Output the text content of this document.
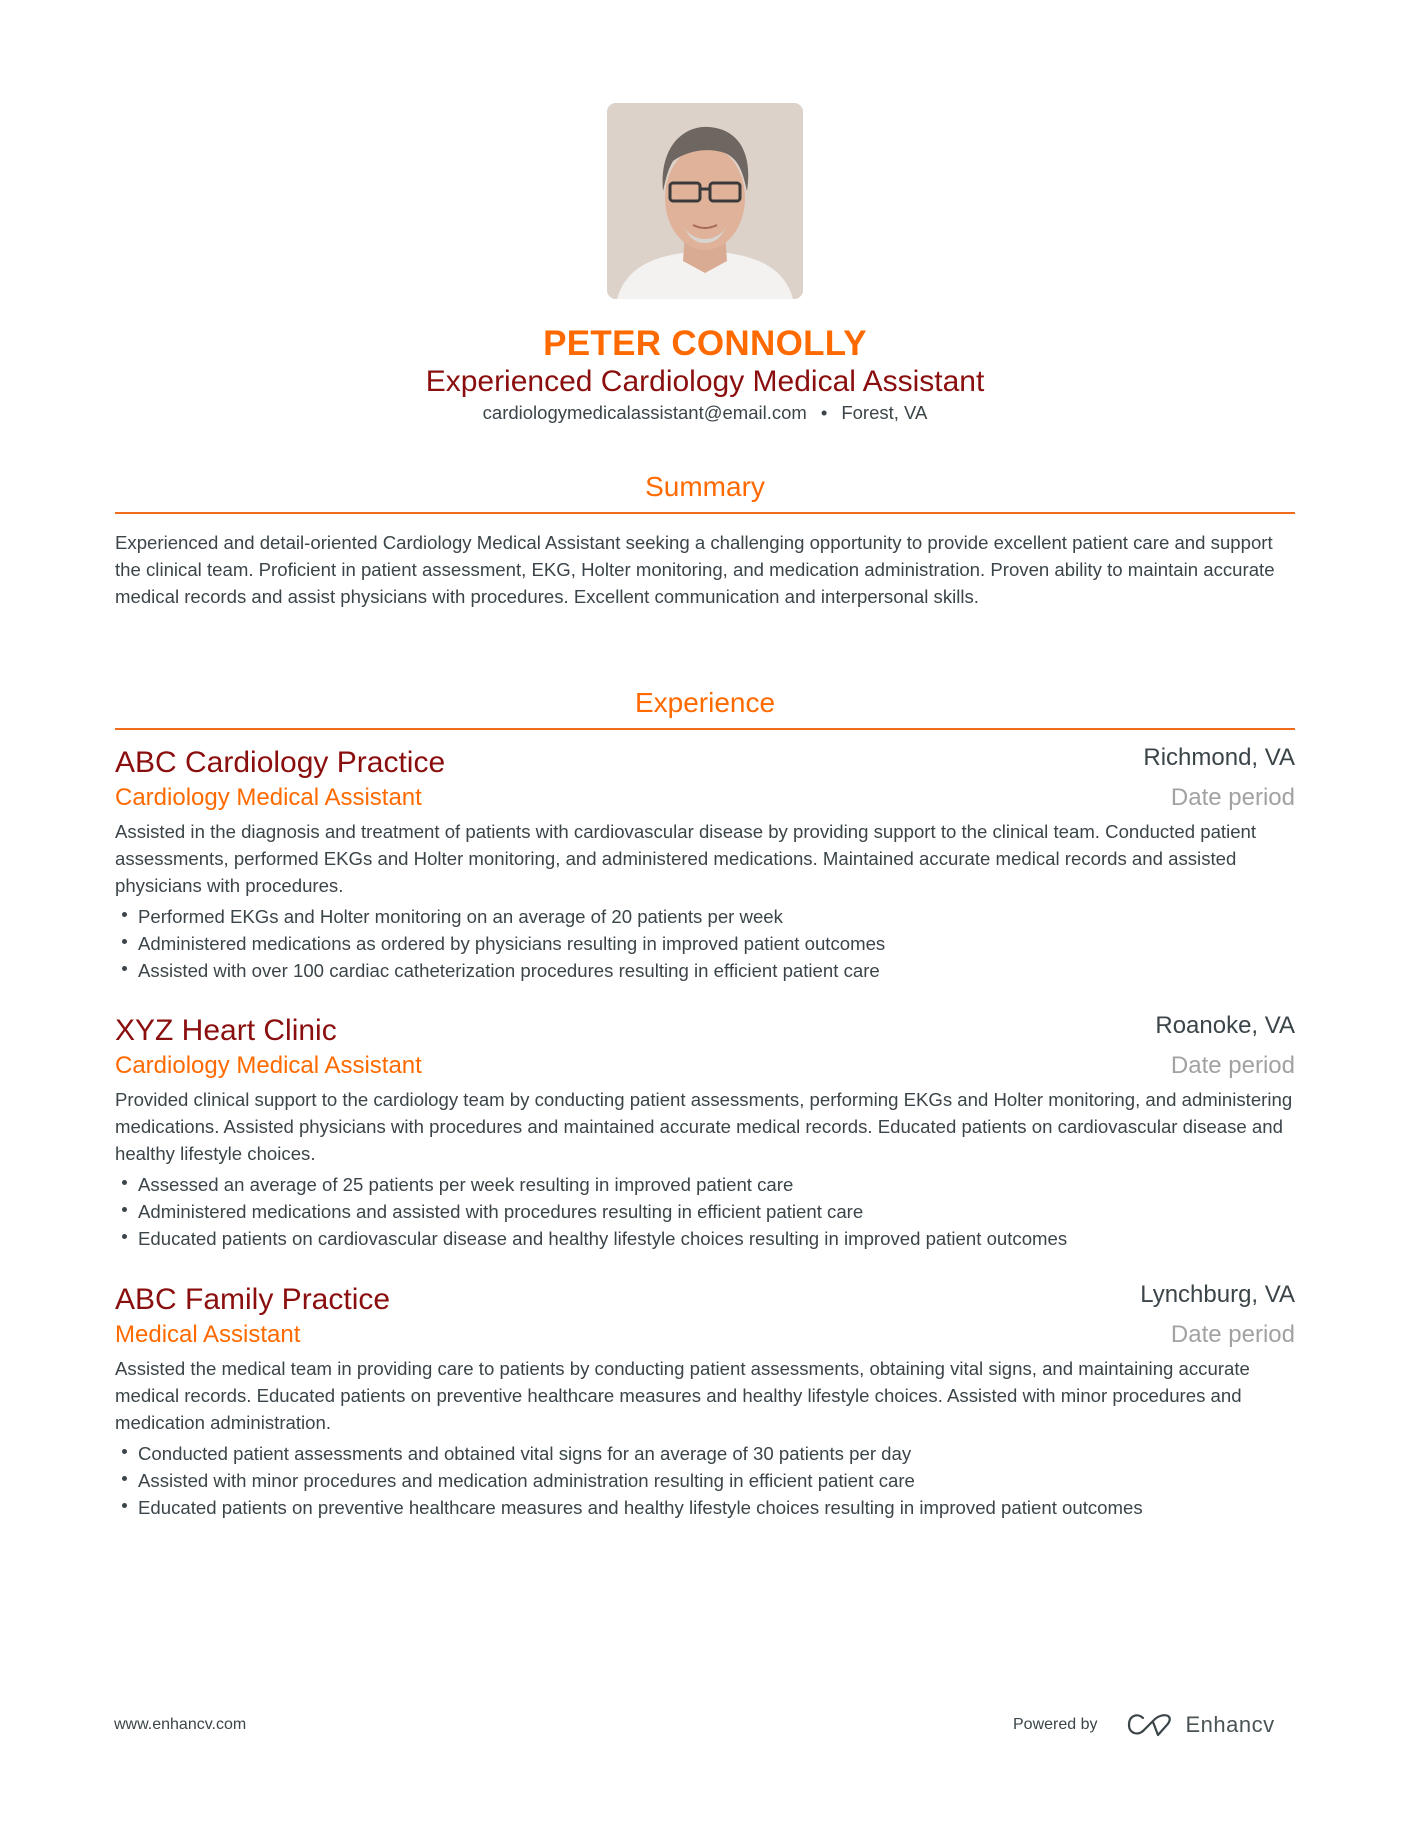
PETER CONNOLLY
Experienced Cardiology Medical Assistant
cardiologymedicalassistant@email.com • Forest, VA
Summary
Experienced and detail-oriented Cardiology Medical Assistant seeking a challenging opportunity to provide excellent patient care and support the clinical team. Proficient in patient assessment, EKG, Holter monitoring, and medication administration. Proven ability to maintain accurate medical records and assist physicians with procedures. Excellent communication and interpersonal skills.
Experience
ABC Cardiology Practice	Richmond, VA
Cardiology Medical Assistant	Date period
Assisted in the diagnosis and treatment of patients with cardiovascular disease by providing support to the clinical team. Conducted patient assessments, performed EKGs and Holter monitoring, and administered medications. Maintained accurate medical records and assisted physicians with procedures.
Performed EKGs and Holter monitoring on an average of 20 patients per week
Administered medications as ordered by physicians resulting in improved patient outcomes
Assisted with over 100 cardiac catheterization procedures resulting in efficient patient care
XYZ Heart Clinic	Roanoke, VA
Cardiology Medical Assistant	Date period
Provided clinical support to the cardiology team by conducting patient assessments, performing EKGs and Holter monitoring, and administering medications. Assisted physicians with procedures and maintained accurate medical records. Educated patients on cardiovascular disease and healthy lifestyle choices.
Assessed an average of 25 patients per week resulting in improved patient care
Administered medications and assisted with procedures resulting in efficient patient care
Educated patients on cardiovascular disease and healthy lifestyle choices resulting in improved patient outcomes
ABC Family Practice	Lynchburg, VA
Medical Assistant	Date period
Assisted the medical team in providing care to patients by conducting patient assessments, obtaining vital signs, and maintaining accurate medical records. Educated patients on preventive healthcare measures and healthy lifestyle choices. Assisted with minor procedures and medication administration.
Conducted patient assessments and obtained vital signs for an average of 30 patients per day
Assisted with minor procedures and medication administration resulting in efficient patient care
Educated patients on preventive healthcare measures and healthy lifestyle choices resulting in improved patient outcomes
www.enhancv.com	Powered by	Enhancv
